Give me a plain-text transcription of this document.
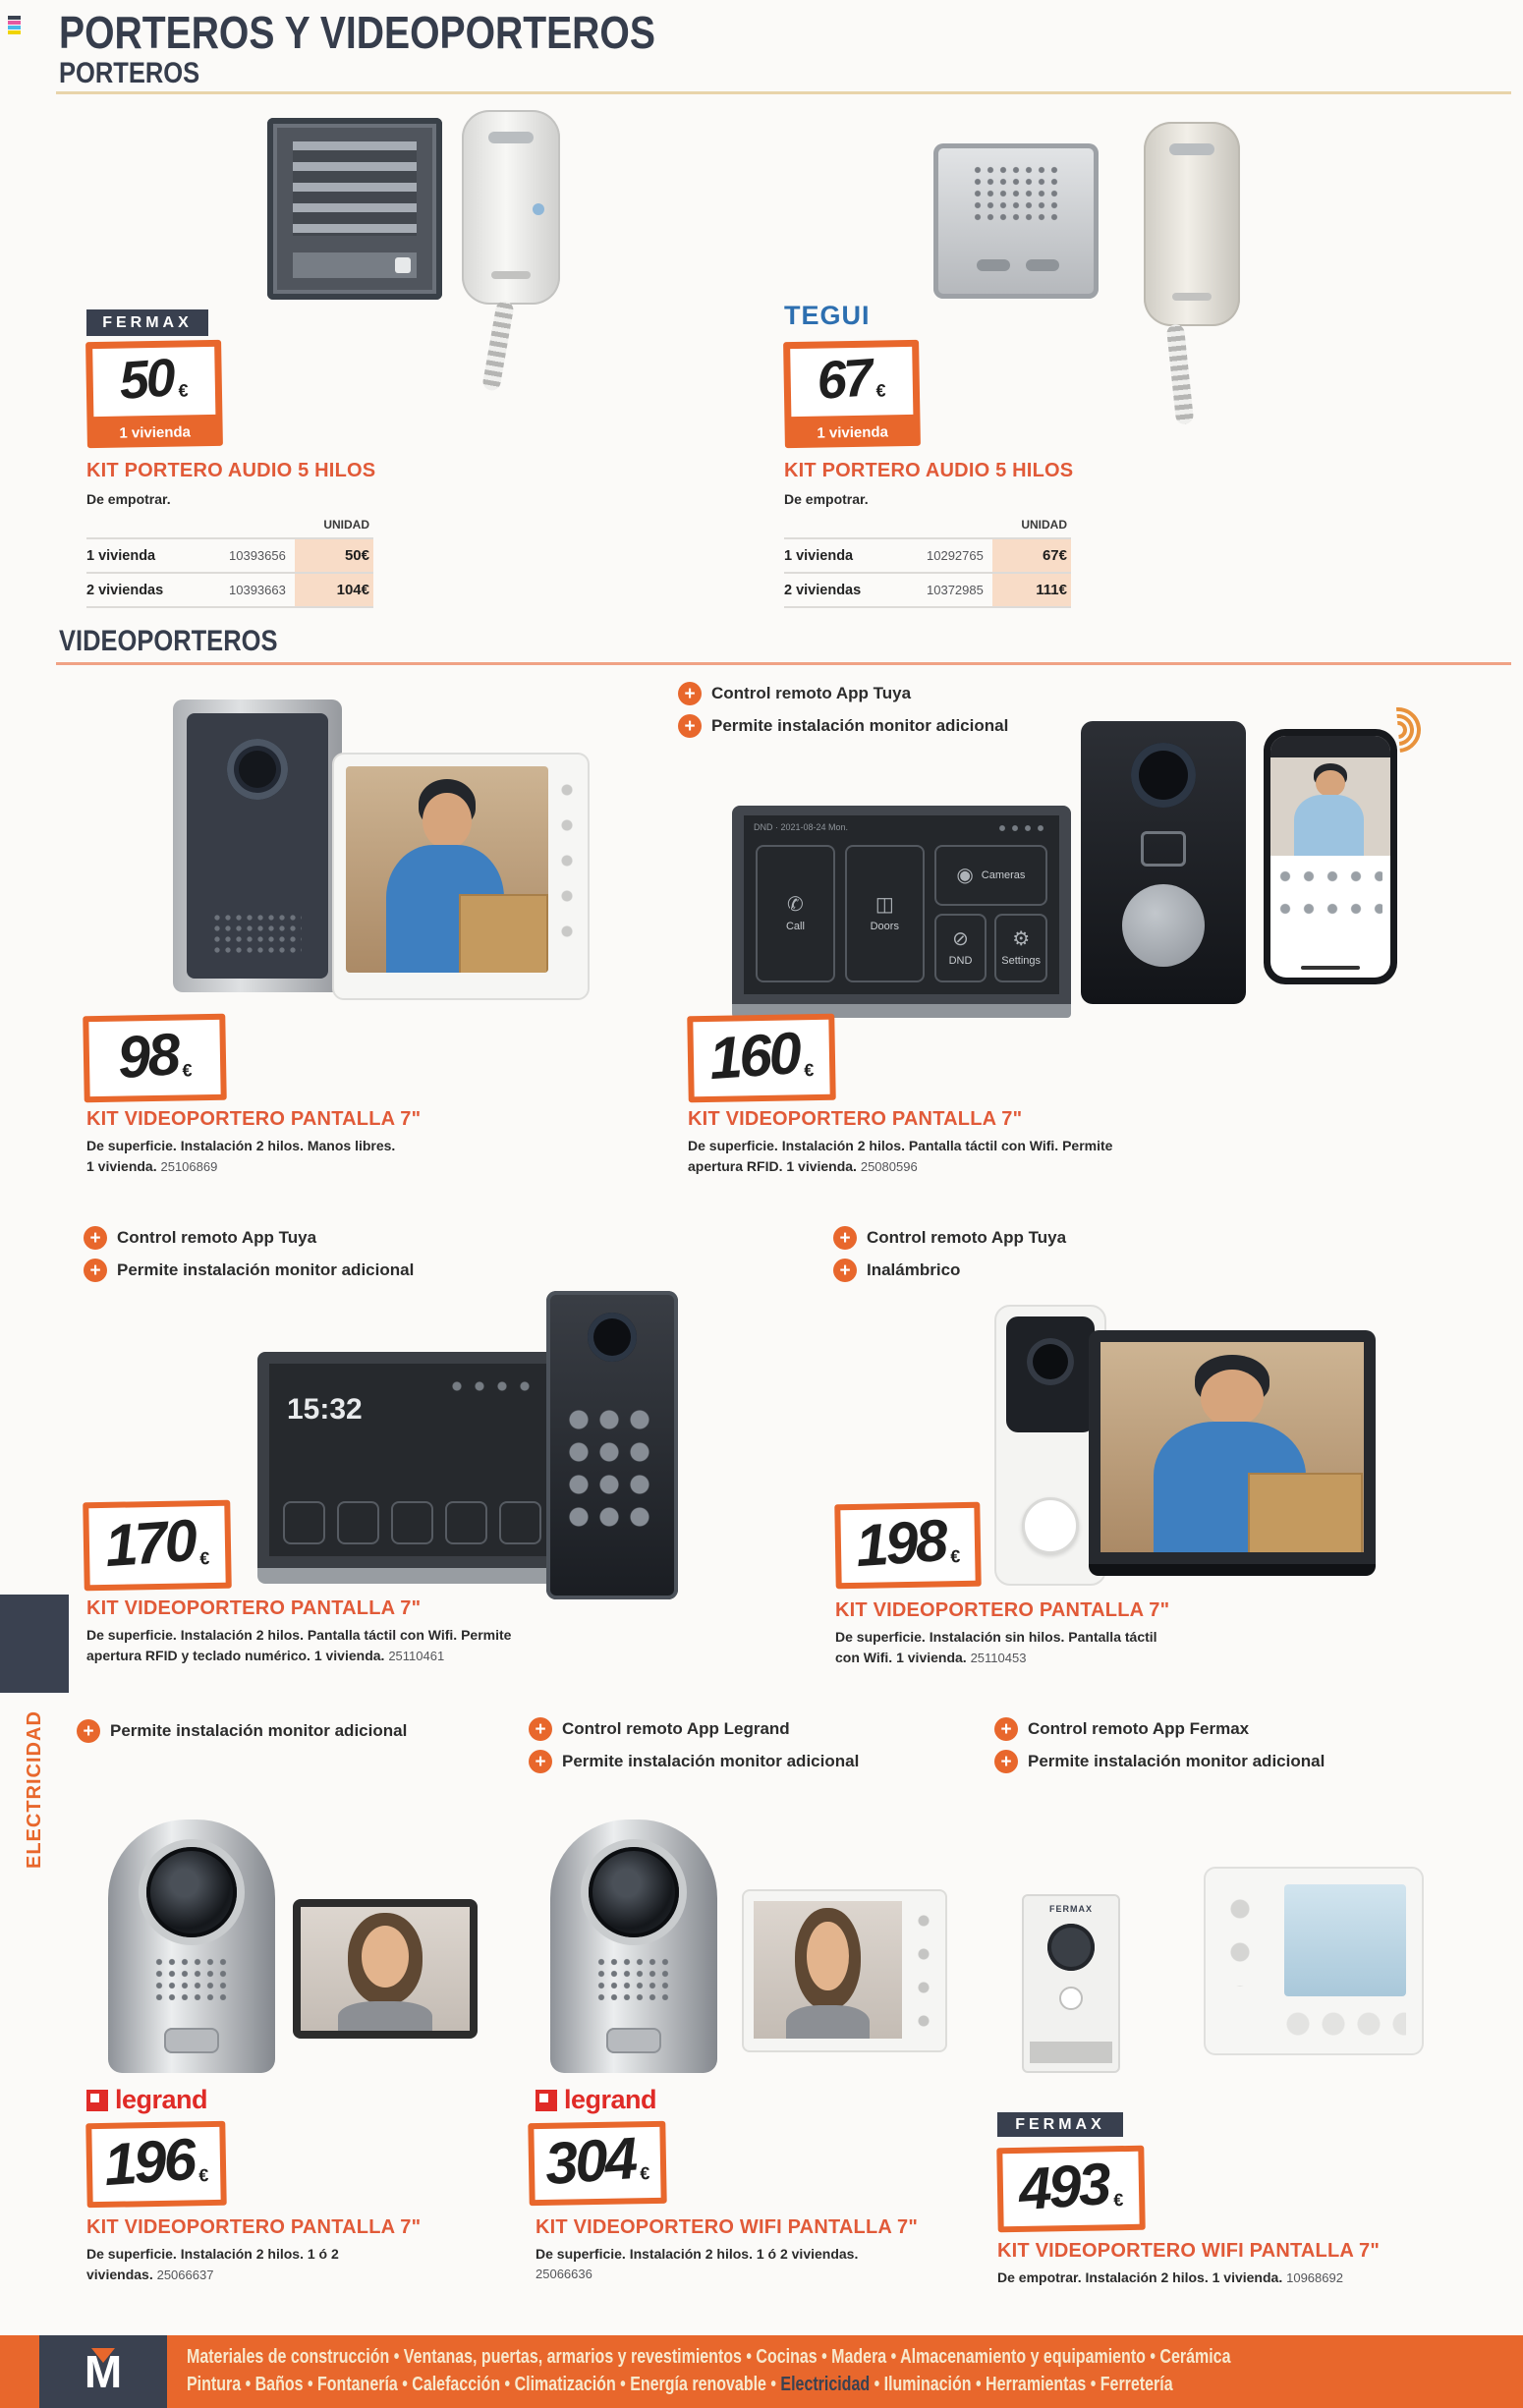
PORTEROS Y VIDEOPORTEROS
PORTEROS
FERMAX
50 €
1 vivienda
KIT PORTERO AUDIO 5 HILOS
De empotrar.
UNIDAD
1 vivienda	10393656	50€
2 viviendas	10393663	104€
TEGUI
67 €
1 vivienda
KIT PORTERO AUDIO 5 HILOS
De empotrar.
UNIDAD
1 vivienda	10292765	67€
2 viviendas	10372985	111€
VIDEOPORTEROS
98 €
KIT VIDEOPORTERO PANTALLA 7"
De superficie. Instalación 2 hilos. Manos libres. 1 vivienda. 25106869
+ Control remoto App Tuya
+ Permite instalación monitor adicional
DND · 2021-08-24 Mon.
✆
Call
◫
Doors
◉ Cameras
⊘
DND
⚙
Settings
160 €
KIT VIDEOPORTERO PANTALLA 7"
De superficie. Instalación 2 hilos. Pantalla táctil con Wifi. Permite apertura RFID. 1 vivienda. 25080596
+ Control remoto App Tuya
+ Permite instalación monitor adicional
15:32
170 €
KIT VIDEOPORTERO PANTALLA 7"
De superficie. Instalación 2 hilos. Pantalla táctil con Wifi. Permite apertura RFID y teclado numérico. 1 vivienda. 25110461
+ Control remoto App Tuya
+ Inalámbrico
198 €
KIT VIDEOPORTERO PANTALLA 7"
De superficie. Instalación sin hilos. Pantalla táctil con Wifi. 1 vivienda. 25110453
ELECTRICIDAD	+ Permite instalación monitor adicional	+ Control remoto App Legrand
+ Permite instalación monitor adicional
+ Control remoto App Fermax
+ Permite instalación monitor adicional
legrand
196 €
KIT VIDEOPORTERO PANTALLA 7"
De superficie. Instalación 2 hilos. 1 ó 2 viviendas. 25066637
legrand
304 €
KIT VIDEOPORTERO WIFI PANTALLA 7"
De superficie. Instalación 2 hilos. 1 ó 2 viviendas.
25066636
FERMAX
FERMAX
493 €
KIT VIDEOPORTERO WIFI PANTALLA 7"
De empotrar. Instalación 2 hilos. 1 vivienda. 10968692
M	Materiales de construcción • Ventanas, puertas, armarios y revestimientos • Cocinas • Madera • Almacenamiento y equipamiento • Cerámica
Pintura • Baños • Fontanería • Calefacción • Climatización • Energía renovable • Electricidad • Iluminación • Herramientas • Ferretería
